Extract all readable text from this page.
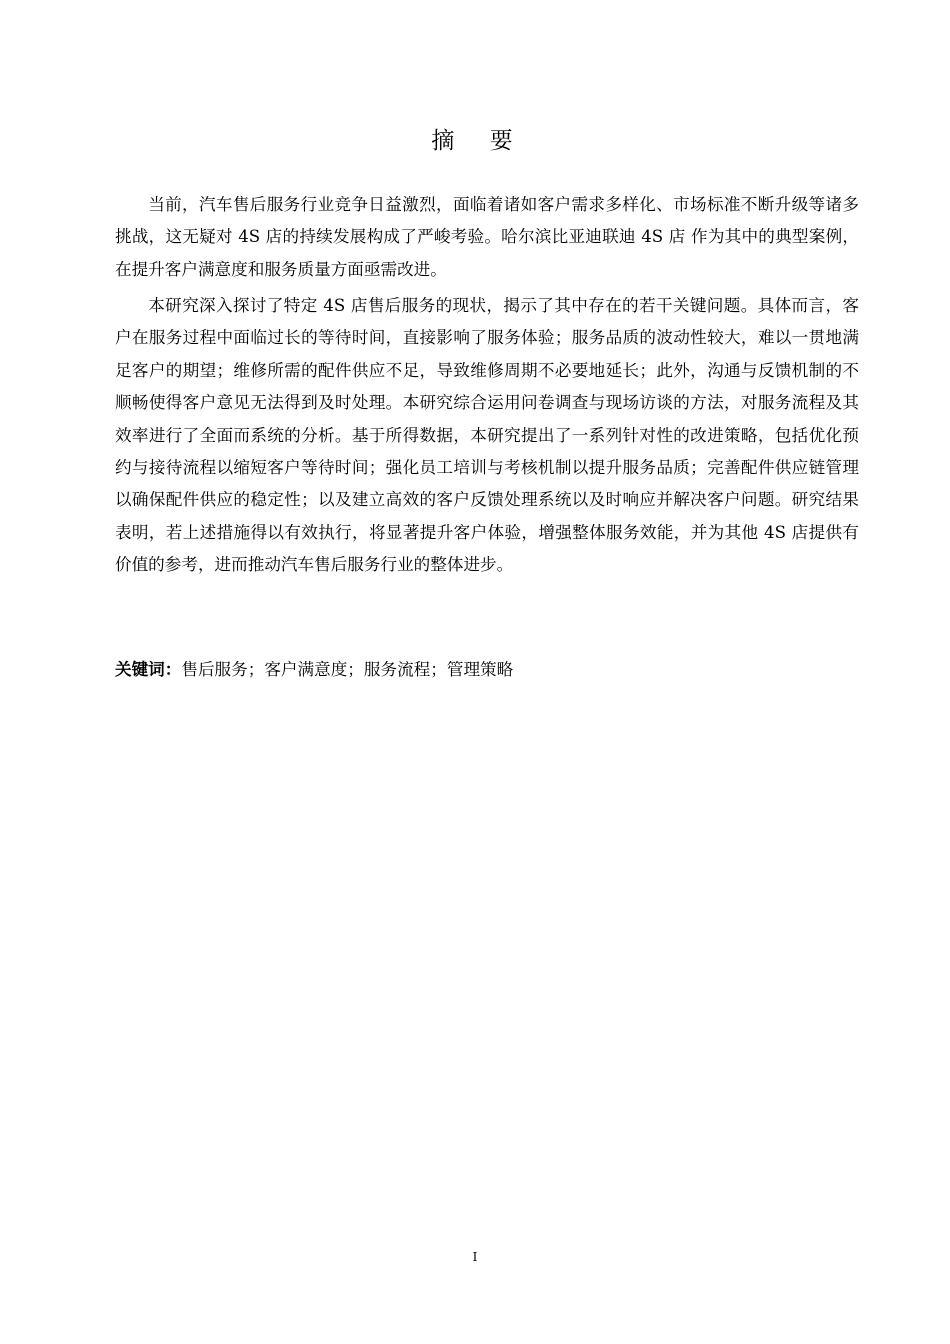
摘 要

当前，汽车售后服务行业竞争日益激烈，面临着诸如客户需求多样化、市场标准不断升级等诸多挑战，这无疑对 4S 店的持续发展构成了严峻考验。哈尔滨比亚迪联迪 4S 店 作为其中的典型案例，在提升客户满意度和服务质量方面亟需改进。

本研究深入探讨了特定 4S 店售后服务的现状，揭示了其中存在的若干关键问题。具体而言，客户在服务过程中面临过长的等待时间，直接影响了服务体验；服务品质的波动性较大，难以一贯地满足客户的期望；维修所需的配件供应不足，导致维修周期不必要地延长；此外，沟通与反馈机制的不顺畅使得客户意见无法得到及时处理。本研究综合运用问卷调查与现场访谈的方法，对服务流程及其效率进行了全面而系统的分析。基于所得数据，本研究提出了一系列针对性的改进策略，包括优化预约与接待流程以缩短客户等待时间；强化员工培训与考核机制以提升服务品质；完善配件供应链管理以确保配件供应的稳定性；以及建立高效的客户反馈处理系统以及时响应并解决客户问题。研究结果表明，若上述措施得以有效执行，将显著提升客户体验，增强整体服务效能，并为其他 4S 店提供有价值的参考，进而推动汽车售后服务行业的整体进步。

关键词：售后服务；客户满意度；服务流程；管理策略
I
